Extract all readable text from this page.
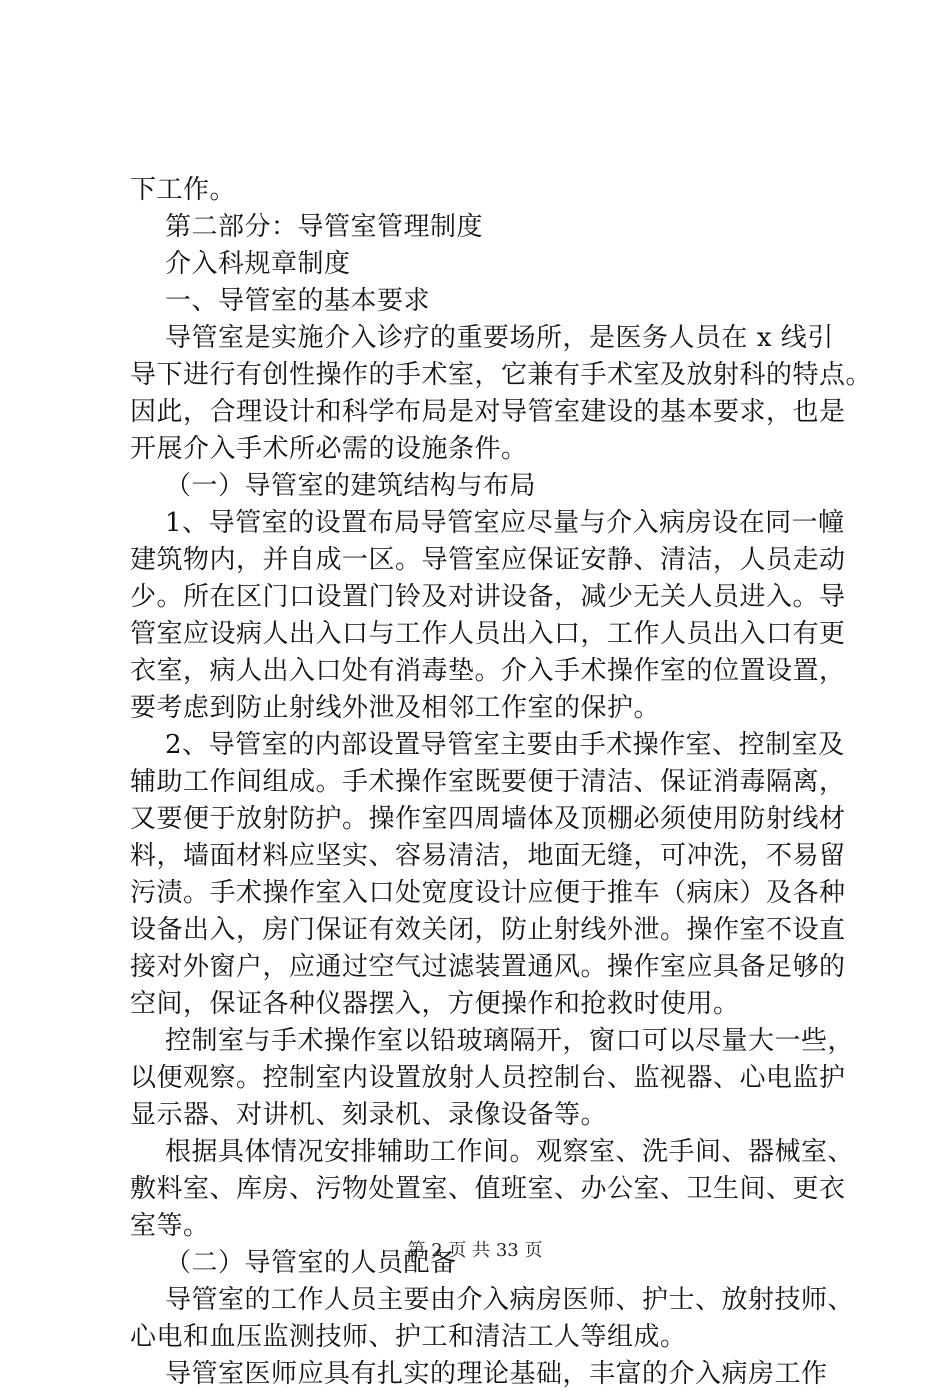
下工作。
第二部分：导管室管理制度
介入科规章制度
一、导管室的基本要求
导管室是实施介入诊疗的重要场所，是医务人员在 x 线引
导下进行有创性操作的手术室，它兼有手术室及放射科的特点。
因此，合理设计和科学布局是对导管室建设的基本要求，也是
开展介入手术所必需的设施条件。
（一）导管室的建筑结构与布局
1、导管室的设置布局导管室应尽量与介入病房设在同一幢
建筑物内，并自成一区。导管室应保证安静、清洁，人员走动
少。所在区门口设置门铃及对讲设备，减少无关人员进入。导
管室应设病人出入口与工作人员出入口，工作人员出入口有更
衣室，病人出入口处有消毒垫。介入手术操作室的位置设置，
要考虑到防止射线外泄及相邻工作室的保护。
2、导管室的内部设置导管室主要由手术操作室、控制室及
辅助工作间组成。手术操作室既要便于清洁、保证消毒隔离，
又要便于放射防护。操作室四周墙体及顶棚必须使用防射线材
料，墙面材料应坚实、容易清洁，地面无缝，可冲洗，不易留
污渍。手术操作室入口处宽度设计应便于推车（病床）及各种
设备出入，房门保证有效关闭，防止射线外泄。操作室不设直
接对外窗户，应通过空气过滤装置通风。操作室应具备足够的
空间，保证各种仪器摆入，方便操作和抢救时使用。
控制室与手术操作室以铅玻璃隔开，窗口可以尽量大一些，
以便观察。控制室内设置放射人员控制台、监视器、心电监护
显示器、对讲机、刻录机、录像设备等。
根据具体情况安排辅助工作间。观察室、洗手间、器械室、
敷料室、库房、污物处置室、值班室、办公室、卫生间、更衣
室等。
（二）导管室的人员配备
导管室的工作人员主要由介入病房医师、护士、放射技师、
心电和血压监测技师、护工和清洁工人等组成。
导管室医师应具有扎实的理论基础，丰富的介入病房工作
第 2 页 共 33 页
